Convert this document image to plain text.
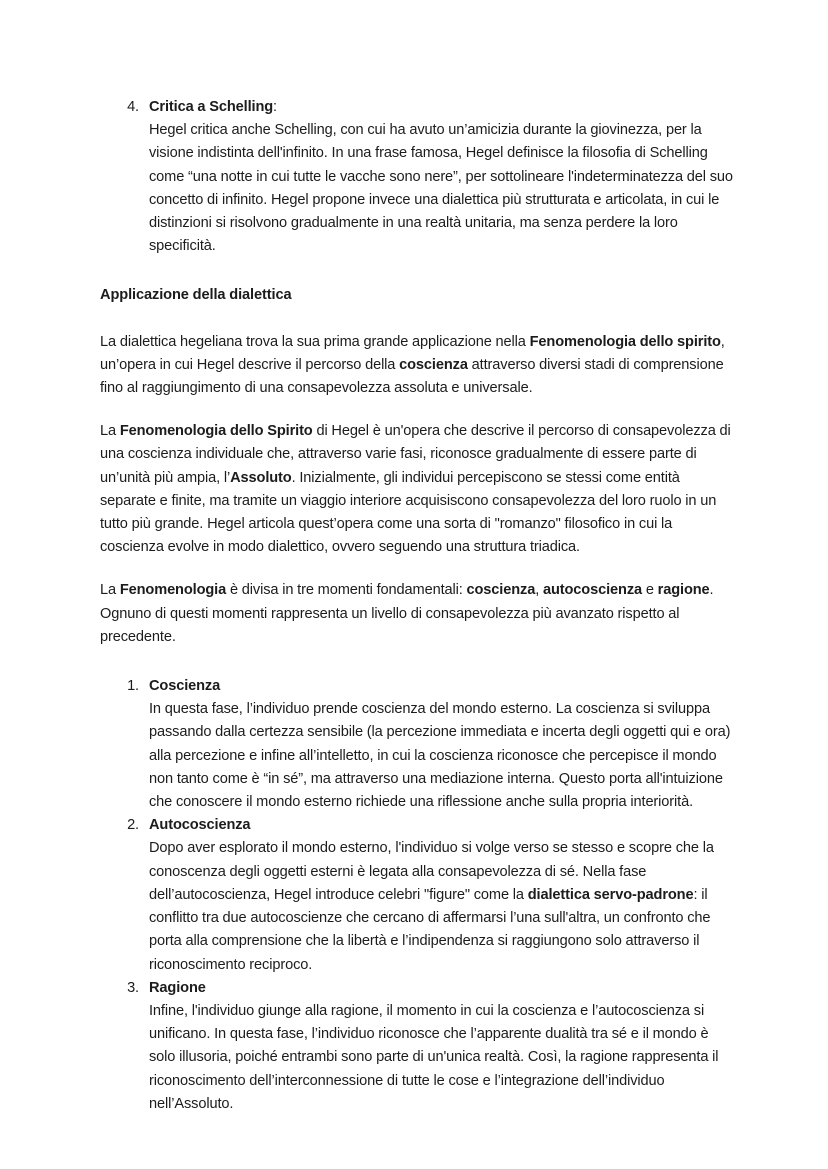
4. Critica a Schelling:
Hegel critica anche Schelling, con cui ha avuto un’amicizia durante la giovinezza, per la visione indistinta dell'infinito. In una frase famosa, Hegel definisce la filosofia di Schelling come “una notte in cui tutte le vacche sono nere”, per sottolineare l'indeterminatezza del suo concetto di infinito. Hegel propone invece una dialettica più strutturata e articolata, in cui le distinzioni si risolvono gradualmente in una realtà unitaria, ma senza perdere la loro specificità.
Applicazione della dialettica

La dialettica hegeliana trova la sua prima grande applicazione nella Fenomenologia dello spirito, un’opera in cui Hegel descrive il percorso della coscienza attraverso diversi stadi di comprensione fino al raggiungimento di una consapevolezza assoluta e universale.

La Fenomenologia dello Spirito di Hegel è un'opera che descrive il percorso di consapevolezza di una coscienza individuale che, attraverso varie fasi, riconosce gradualmente di essere parte di un’unità più ampia, l’Assoluto. Inizialmente, gli individui percepiscono se stessi come entità separate e finite, ma tramite un viaggio interiore acquisiscono consapevolezza del loro ruolo in un tutto più grande. Hegel articola quest’opera come una sorta di "romanzo" filosofico in cui la coscienza evolve in modo dialettico, ovvero seguendo una struttura triadica.

La Fenomenologia è divisa in tre momenti fondamentali: coscienza, autocoscienza e ragione. Ognuno di questi momenti rappresenta un livello di consapevolezza più avanzato rispetto al precedente.

1. Coscienza
In questa fase, l’individuo prende coscienza del mondo esterno. La coscienza si sviluppa passando dalla certezza sensibile (la percezione immediata e incerta degli oggetti qui e ora) alla percezione e infine all’intelletto, in cui la coscienza riconosce che percepisce il mondo non tanto come è “in sé”, ma attraverso una mediazione interna. Questo porta all'intuizione che conoscere il mondo esterno richiede una riflessione anche sulla propria interiorità.
2. Autocoscienza
Dopo aver esplorato il mondo esterno, l'individuo si volge verso se stesso e scopre che la conoscenza degli oggetti esterni è legata alla consapevolezza di sé. Nella fase dell’autocoscienza, Hegel introduce celebri "figure" come la dialettica servo-padrone: il conflitto tra due autocoscienze che cercano di affermarsi l’una sull'altra, un confronto che porta alla comprensione che la libertà e l’indipendenza si raggiungono solo attraverso il riconoscimento reciproco.
3. Ragione
Infine, l'individuo giunge alla ragione, il momento in cui la coscienza e l’autocoscienza si unificano. In questa fase, l’individuo riconosce che l’apparente dualità tra sé e il mondo è solo illusoria, poiché entrambi sono parte di un'unica realtà. Così, la ragione rappresenta il riconoscimento dell’interconnessione di tutte le cose e l’integrazione dell’individuo nell’Assoluto.
